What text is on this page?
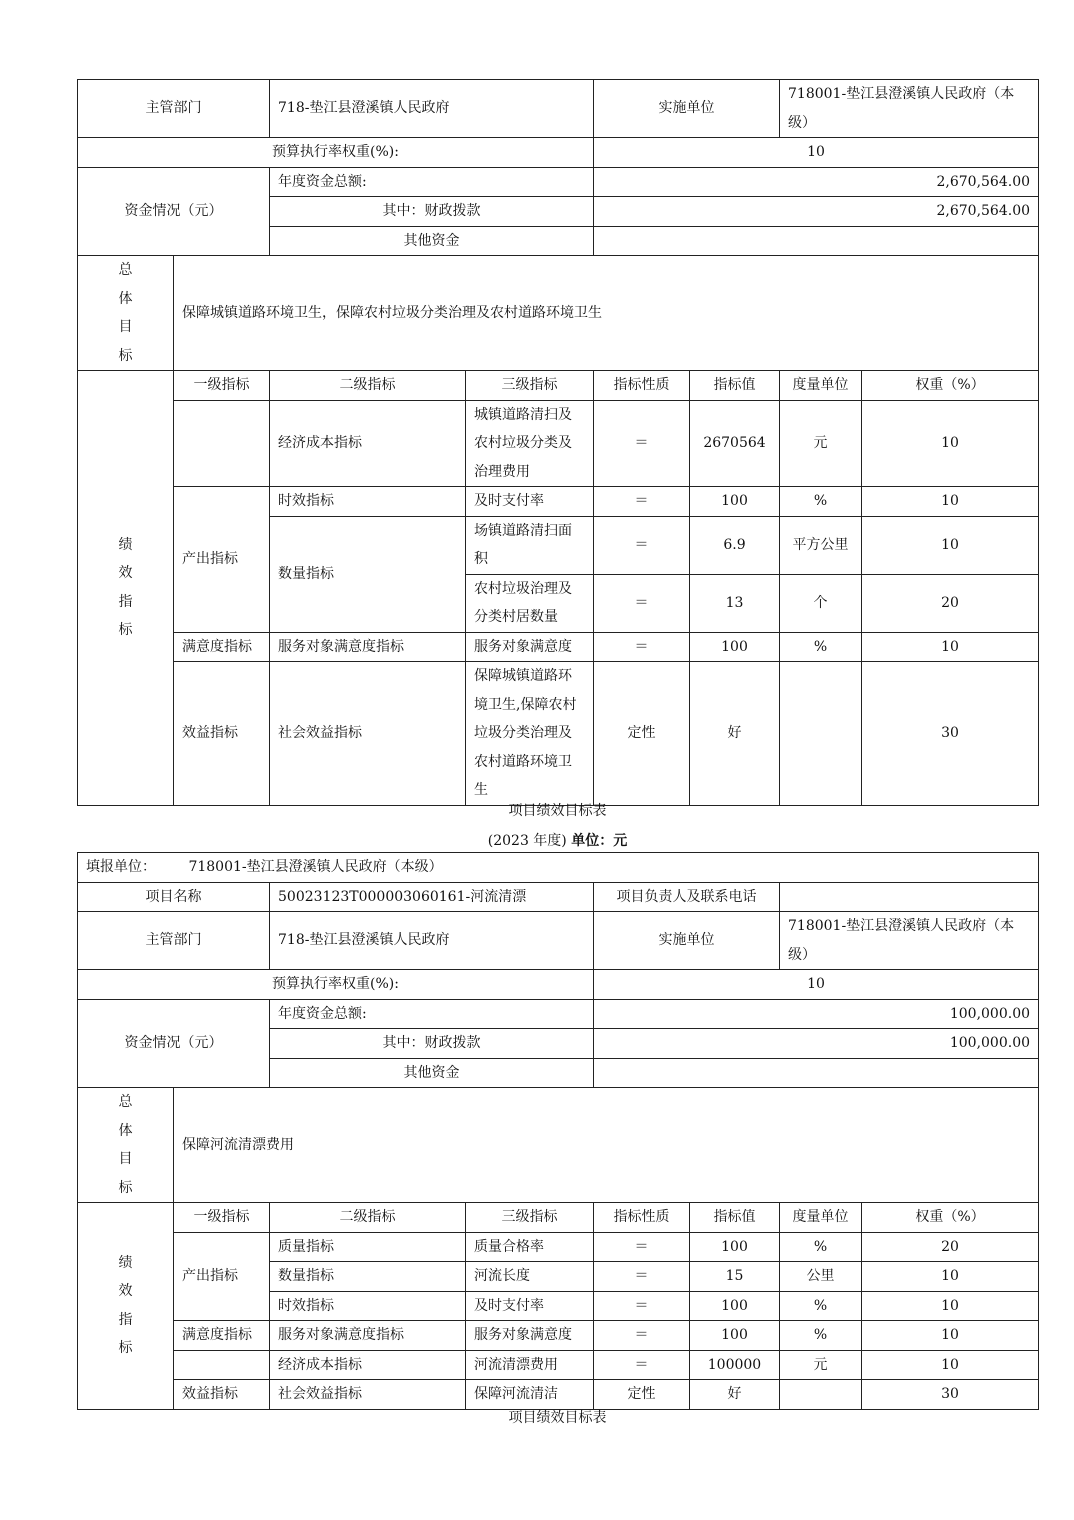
主管部门		718-垫江县澄溪镇人民政府		实施单位		718001-垫江县澄溪镇人民政府（本级）	
预算执行率权重(%):				10			
资金情况（元）		年度资金总额:		2,670,564.00			
		其中：财政拨款		2,670,564.00			
		其他资金					
总体目标	保障城镇道路环境卫生，保障农村垃圾分类治理及农村道路环境卫生						
绩效指标	一级指标	二级指标	三级指标	指标性质	指标值	度量单位	权重（%）
		经济成本指标	城镇道路清扫及农村垃圾分类及治理费用	＝	2670564	元	10
	产出指标	时效指标	及时支付率	＝	100	%	10
		数量指标	场镇道路清扫面积	＝	6.9	平方公里	10
			农村垃圾治理及分类村居数量	＝	13	个	20
	满意度指标	服务对象满意度指标	服务对象满意度	＝	100	%	10
	效益指标	社会效益指标	保障城镇道路环境卫生,保障农村垃圾分类治理及农村道路环境卫生	定性	好		30
项目绩效目标表
(2023 年度) 单位：元
填报单位： 718001-垫江县澄溪镇人民政府（本级）							
项目名称		50023123T000003060161-河流清漂		项目负责人及联系电话			
主管部门		718-垫江县澄溪镇人民政府		实施单位		718001-垫江县澄溪镇人民政府（本级）	
预算执行率权重(%):				10			
资金情况（元）		年度资金总额:		100,000.00			
		其中：财政拨款		100,000.00			
		其他资金					
总体目标	保障河流清漂费用						
绩效指标	一级指标	二级指标	三级指标	指标性质	指标值	度量单位	权重（%）
	产出指标	质量指标	质量合格率	＝	100	%	20
		数量指标	河流长度	＝	15	公里	10
		时效指标	及时支付率	＝	100	%	10
	满意度指标	服务对象满意度指标	服务对象满意度	＝	100	%	10
		经济成本指标	河流清漂费用	＝	100000	元	10
	效益指标	社会效益指标	保障河流清洁	定性	好		30
项目绩效目标表
